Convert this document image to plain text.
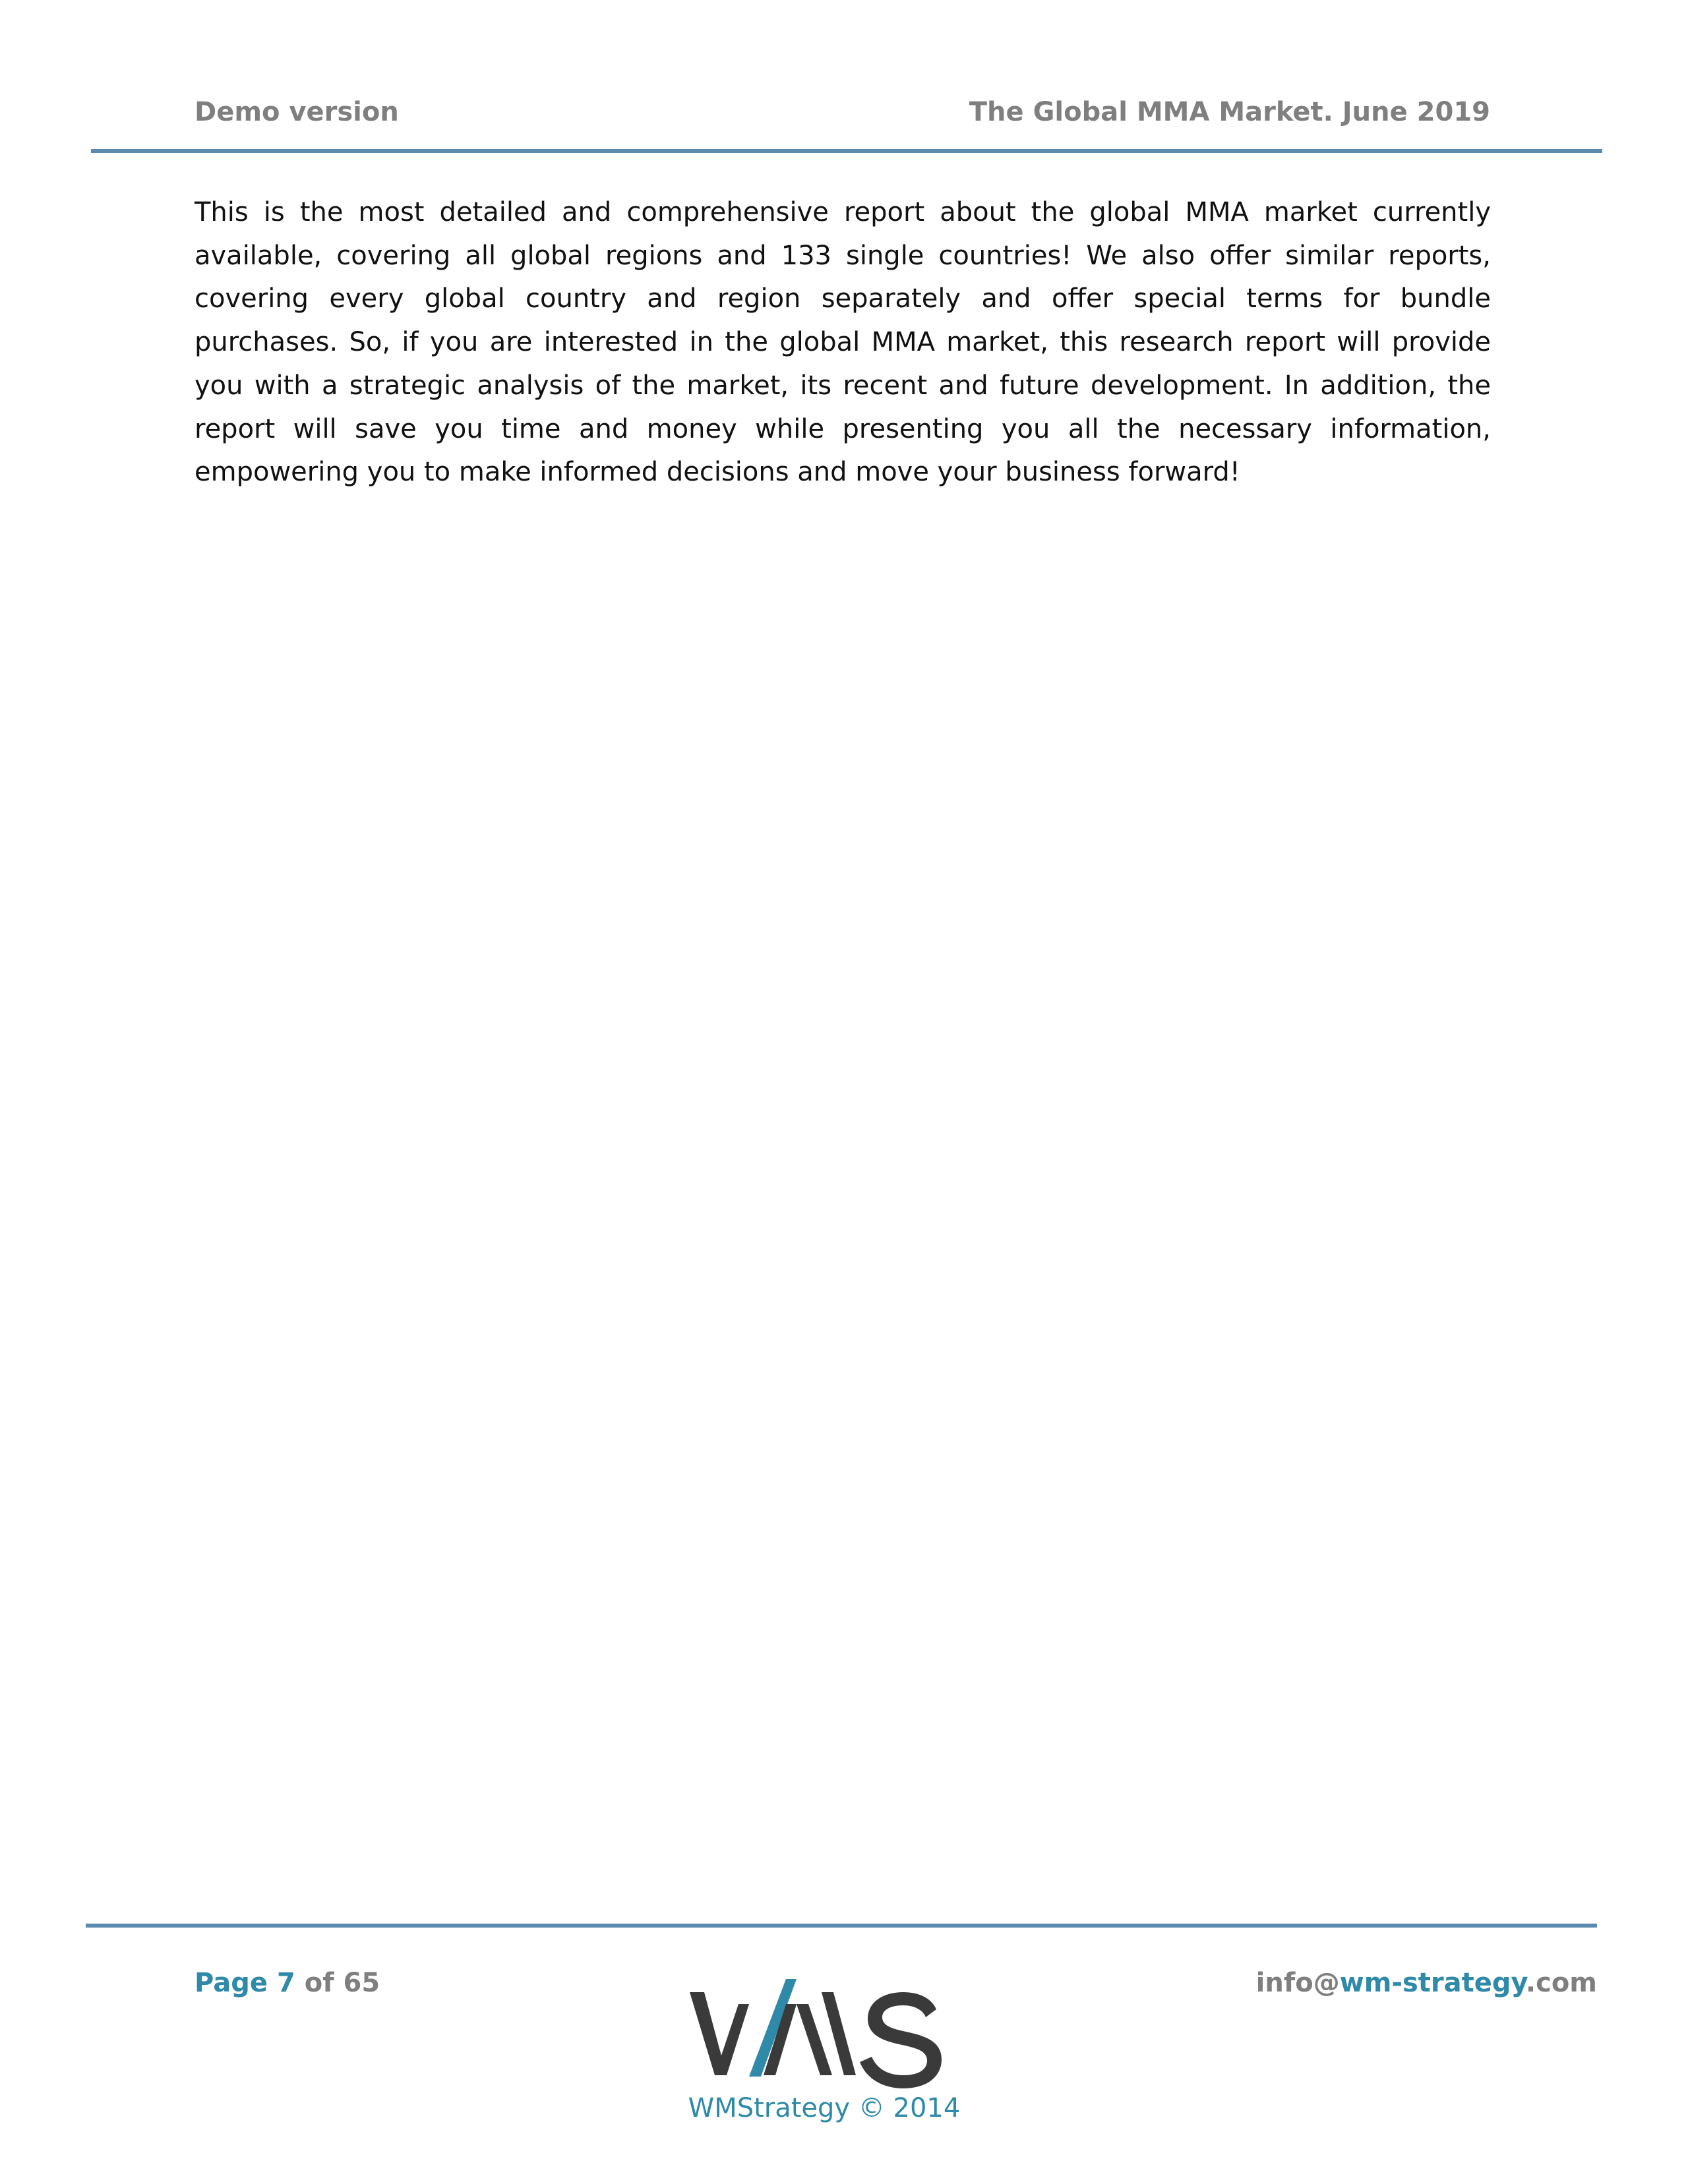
Demo version	The Global MMA Market. June 2019

This is the most detailed and comprehensive report about the global MMA market currently available, covering all global regions and 133 single countries! We also offer similar reports, covering every global country and region separately and offer special terms for bundle purchases. So, if you are interested in the global MMA market, this research report will provide you with a strategic analysis of the market, its recent and future development. In addition, the report will save you time and money while presenting you all the necessary information, empowering you to make informed decisions and move your business forward!

Page 7 of 65	info@wm-strategy.com
WMStrategy © 2014
